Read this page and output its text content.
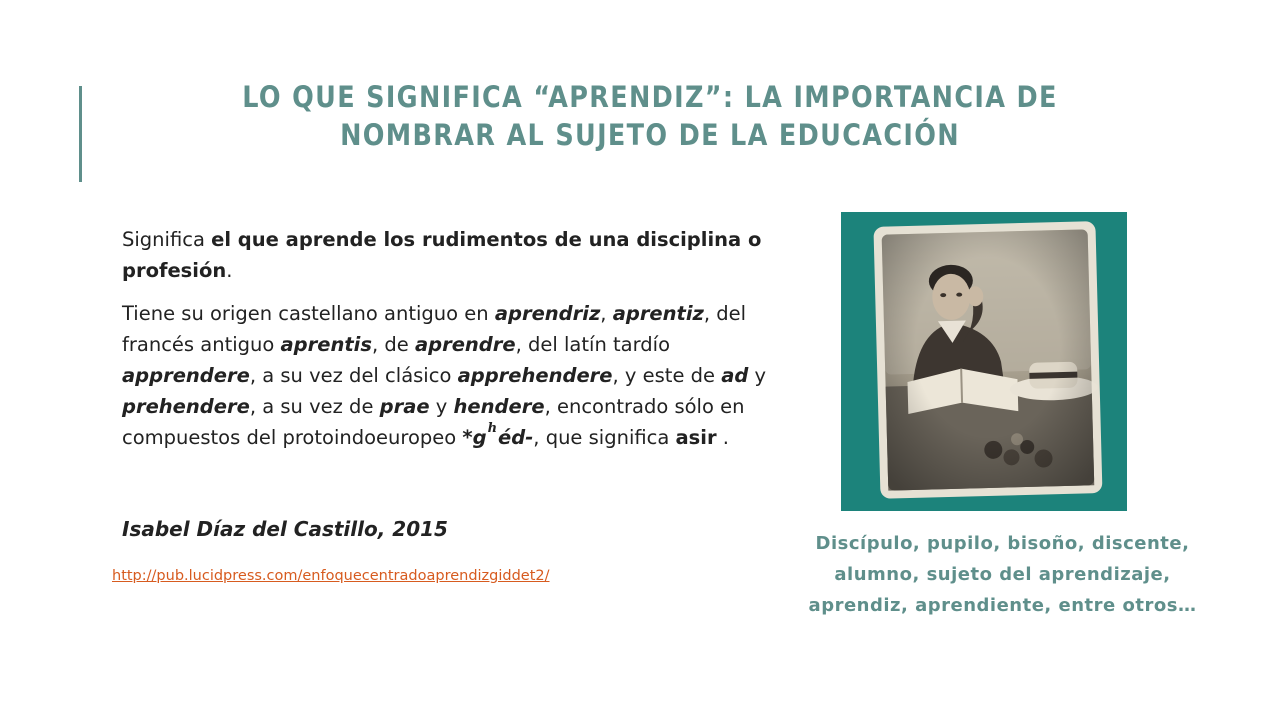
LO QUE SIGNIFICA “APRENDIZ”: LA IMPORTANCIA DE NOMBRAR AL SUJETO DE LA EDUCACIÓN

Significa el que aprende los rudimentos de una disciplina o profesión.

Tiene su origen castellano antiguo en aprendriz, aprentiz, del francés antiguo aprentis, de aprendre, del latín tardío apprendere, a su vez del clásico apprehendere, y este de ad y prehendere, a su vez de prae y hendere, encontrado sólo en compuestos del protoindoeuropeo $*g^héd-$, que significa asir .

Isabel Díaz del Castillo, 2015
http://pub.lucidpress.com/enfoquecentradoaprendizgiddet2/
Discípulo, pupilo, bisoño, discente, alumno, sujeto del aprendizaje, aprendiz, aprendiente, entre otros…
